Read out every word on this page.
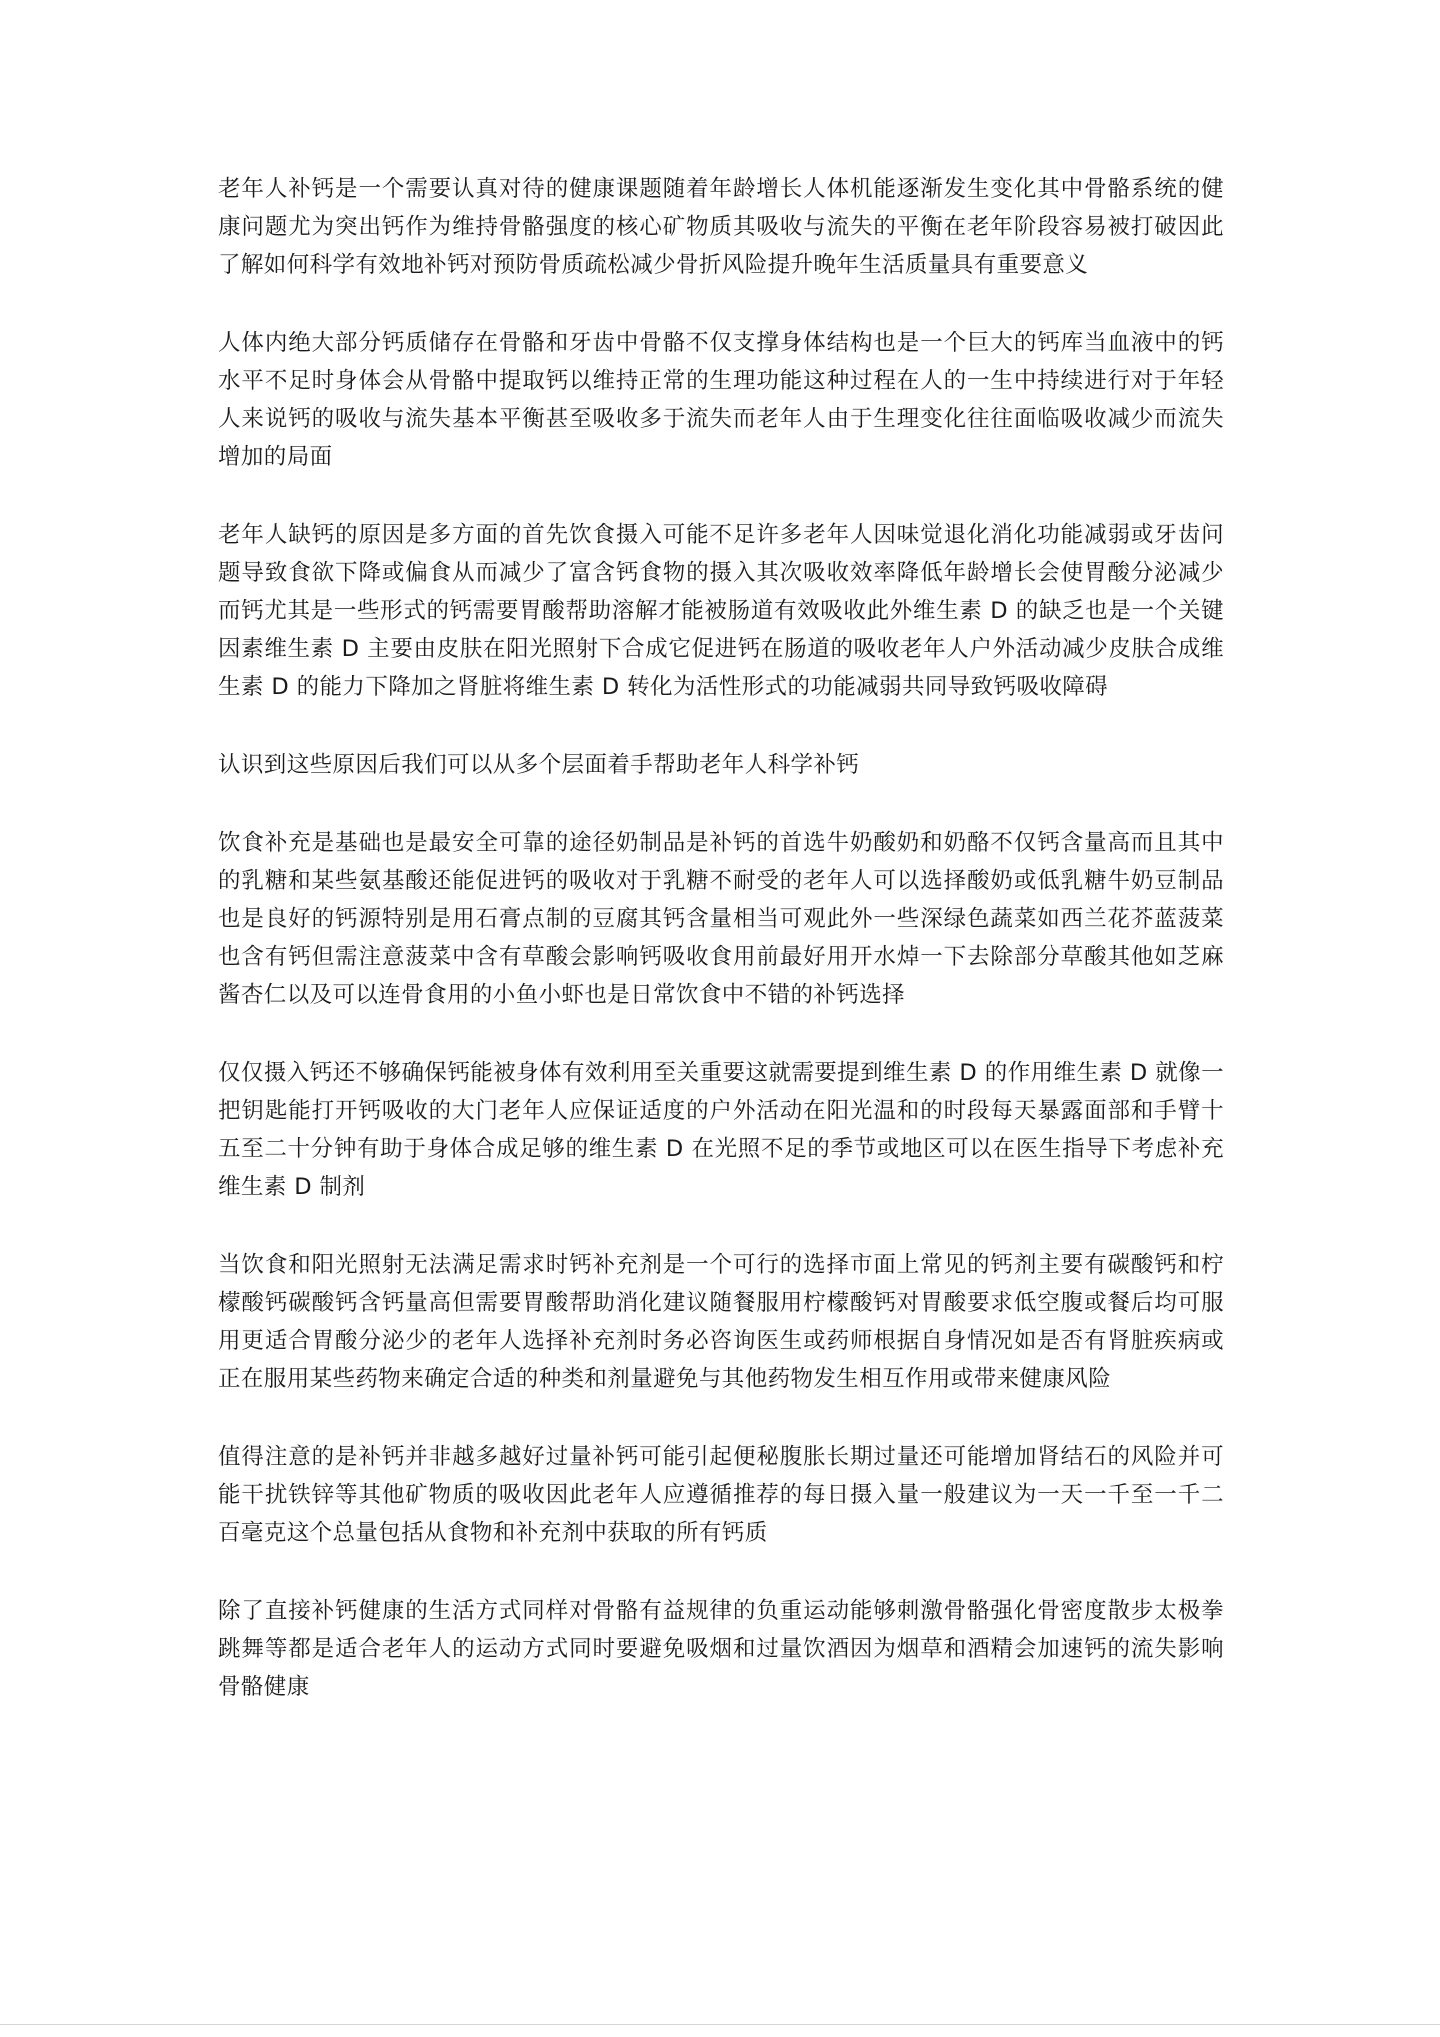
老年人补钙是一个需要认真对待的健康课题随着年龄增长人体机能逐渐发生变化其中骨骼系统的健康问题尤为突出钙作为维持骨骼强度的核心矿物质其吸收与流失的平衡在老年阶段容易被打破因此了解如何科学有效地补钙对预防骨质疏松减少骨折风险提升晚年生活质量具有重要意义

人体内绝大部分钙质储存在骨骼和牙齿中骨骼不仅支撑身体结构也是一个巨大的钙库当血液中的钙水平不足时身体会从骨骼中提取钙以维持正常的生理功能这种过程在人的一生中持续进行对于年轻人来说钙的吸收与流失基本平衡甚至吸收多于流失而老年人由于生理变化往往面临吸收减少而流失增加的局面

老年人缺钙的原因是多方面的首先饮食摄入可能不足许多老年人因味觉退化消化功能减弱或牙齿问题导致食欲下降或偏食从而减少了富含钙食物的摄入其次吸收效率降低年龄增长会使胃酸分泌减少而钙尤其是一些形式的钙需要胃酸帮助溶解才能被肠道有效吸收此外维生素 D 的缺乏也是一个关键因素维生素 D 主要由皮肤在阳光照射下合成它促进钙在肠道的吸收老年人户外活动减少皮肤合成维生素 D 的能力下降加之肾脏将维生素 D 转化为活性形式的功能减弱共同导致钙吸收障碍

认识到这些原因后我们可以从多个层面着手帮助老年人科学补钙

饮食补充是基础也是最安全可靠的途径奶制品是补钙的首选牛奶酸奶和奶酪不仅钙含量高而且其中的乳糖和某些氨基酸还能促进钙的吸收对于乳糖不耐受的老年人可以选择酸奶或低乳糖牛奶豆制品也是良好的钙源特别是用石膏点制的豆腐其钙含量相当可观此外一些深绿色蔬菜如西兰花芥蓝菠菜也含有钙但需注意菠菜中含有草酸会影响钙吸收食用前最好用开水焯一下去除部分草酸其他如芝麻酱杏仁以及可以连骨食用的小鱼小虾也是日常饮食中不错的补钙选择

仅仅摄入钙还不够确保钙能被身体有效利用至关重要这就需要提到维生素 D 的作用维生素 D 就像一把钥匙能打开钙吸收的大门老年人应保证适度的户外活动在阳光温和的时段每天暴露面部和手臂十五至二十分钟有助于身体合成足够的维生素 D 在光照不足的季节或地区可以在医生指导下考虑补充维生素 D 制剂

当饮食和阳光照射无法满足需求时钙补充剂是一个可行的选择市面上常见的钙剂主要有碳酸钙和柠檬酸钙碳酸钙含钙量高但需要胃酸帮助消化建议随餐服用柠檬酸钙对胃酸要求低空腹或餐后均可服用更适合胃酸分泌少的老年人选择补充剂时务必咨询医生或药师根据自身情况如是否有肾脏疾病或正在服用某些药物来确定合适的种类和剂量避免与其他药物发生相互作用或带来健康风险

值得注意的是补钙并非越多越好过量补钙可能引起便秘腹胀长期过量还可能增加肾结石的风险并可能干扰铁锌等其他矿物质的吸收因此老年人应遵循推荐的每日摄入量一般建议为一天一千至一千二百毫克这个总量包括从食物和补充剂中获取的所有钙质

除了直接补钙健康的生活方式同样对骨骼有益规律的负重运动能够刺激骨骼强化骨密度散步太极拳跳舞等都是适合老年人的运动方式同时要避免吸烟和过量饮酒因为烟草和酒精会加速钙的流失影响骨骼健康
